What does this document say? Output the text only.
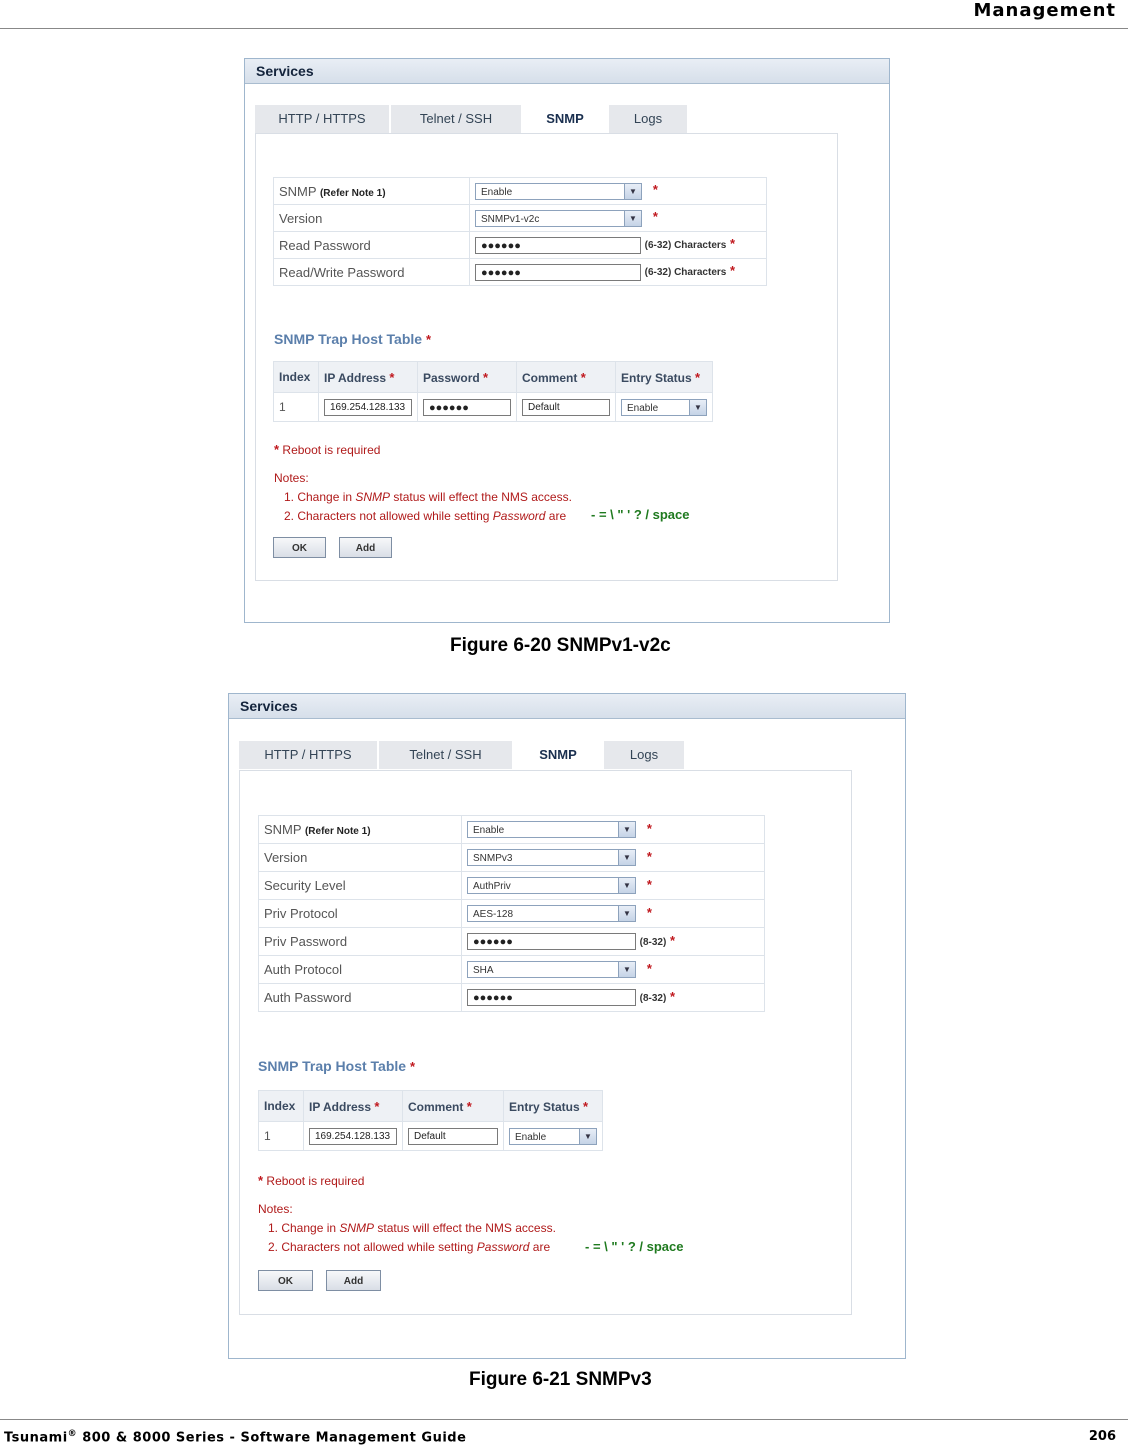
Management
Services
HTTP / HTTPS	Telnet / SSH	SNMP	Logs
SNMP (Refer Note 1)	Enable ▼ *
Version	SNMPv1-v2c ▼ *
Read Password	●●●●●● (6-32) Characters *
Read/Write Password	●●●●●● (6-32) Characters *
SNMP Trap Host Table *
Index	IP Address *	Password *	Comment *	Entry Status *
1	169.254.128.133	●●●●●●	Default	Enable ▼
* Reboot is required
Notes:
1. Change in SNMP status will effect the NMS access.
2. Characters not allowed while setting Password are	- = \ " ' ? / space
OK	Add
Figure 6-20 SNMPv1-v2c
Services
HTTP / HTTPS	Telnet / SSH	SNMP	Logs
SNMP (Refer Note 1)	Enable ▼ *
Version	SNMPv3 ▼ *
Security Level	AuthPriv ▼ *
Priv Protocol	AES-128 ▼ *
Priv Password	●●●●●● (8-32) *
Auth Protocol	SHA ▼ *
Auth Password	●●●●●● (8-32) *
SNMP Trap Host Table *
Index	IP Address *	Comment *	Entry Status *
1	169.254.128.133	Default	Enable ▼
* Reboot is required
Notes:
1. Change in SNMP status will effect the NMS access.
2. Characters not allowed while setting Password are	- = \ " ' ? / space
OK	Add
Figure 6-21 SNMPv3
Tsunami® 800 & 8000 Series - Software Management Guide	206
